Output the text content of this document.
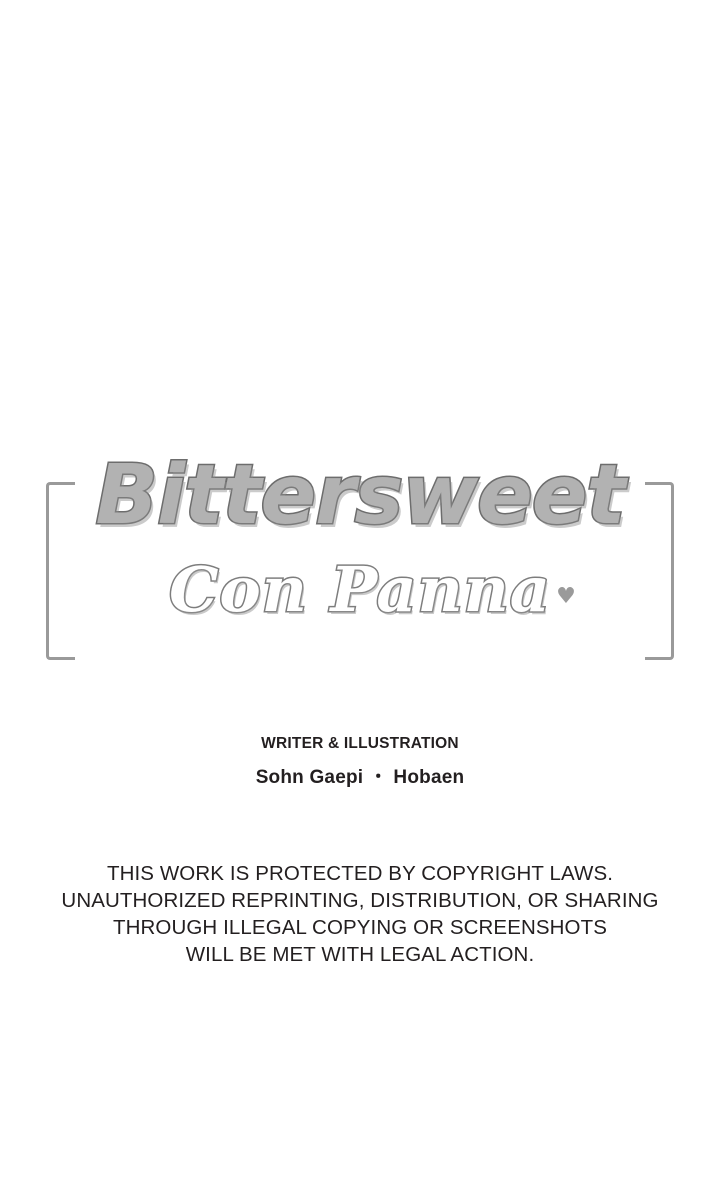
Bittersweet
Con Panna ♥
WRITER & ILLUSTRATION
Sohn Gaepi ・ Hobaen
THIS WORK IS PROTECTED BY COPYRIGHT LAWS.
UNAUTHORIZED REPRINTING, DISTRIBUTION, OR SHARING
THROUGH ILLEGAL COPYING OR SCREENSHOTS
WILL BE MET WITH LEGAL ACTION.
